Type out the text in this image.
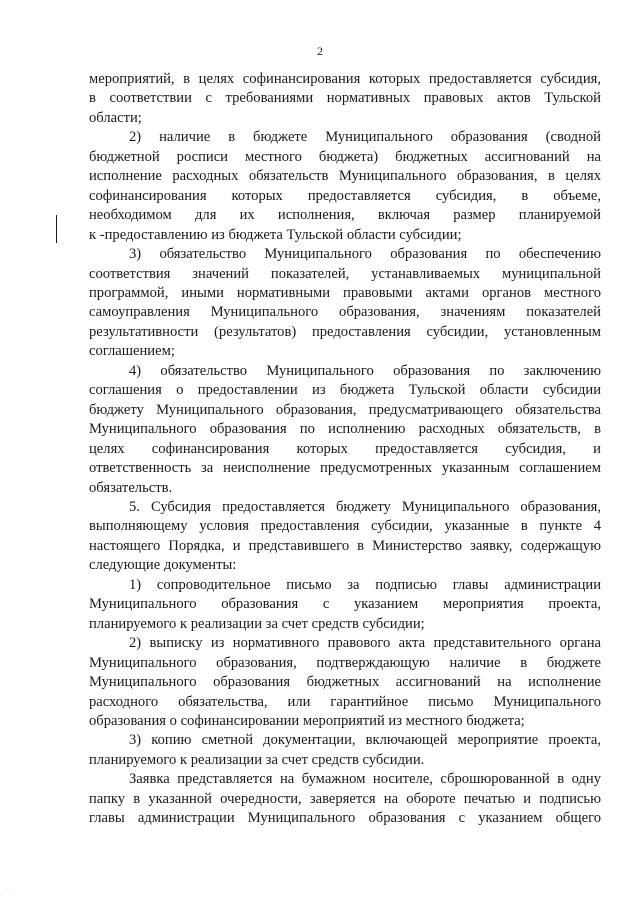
2
мероприятий, в целях софинансирования которых предоставляется субсидия,
в соответствии с требованиями нормативных правовых актов Тульской
области;
2) наличие в бюджете Муниципального образования (сводной
бюджетной росписи местного бюджета) бюджетных ассигнований на
исполнение расходных обязательств Муниципального образования, в целях
софинансирования которых предоставляется субсидия, в объеме,
необходимом для их исполнения, включая размер планируемой
к -предоставлению из бюджета Тульской области субсидии;
3) обязательство Муниципального образования по обеспечению
соответствия значений показателей, устанавливаемых муниципальной
программой, иными нормативными правовыми актами органов местного
самоуправления Муниципального образования, значениям показателей
результативности (результатов) предоставления субсидии, установленным
соглашением;
4) обязательство Муниципального образования по заключению
соглашения о предоставлении из бюджета Тульской области субсидии
бюджету Муниципального образования, предусматривающего обязательства
Муниципального образования по исполнению расходных обязательств, в
целях софинансирования которых предоставляется субсидия, и
ответственность за неисполнение предусмотренных указанным соглашением
обязательств.
5. Субсидия предоставляется бюджету Муниципального образования,
выполняющему условия предоставления субсидии, указанные в пункте 4
настоящего Порядка, и представившего в Министерство заявку, содержащую
следующие документы:
1) сопроводительное письмо за подписью главы администрации
Муниципального образования с указанием мероприятия проекта,
планируемого к реализации за счет средств субсидии;
2) выписку из нормативного правового акта представительного органа
Муниципального образования, подтверждающую наличие в бюджете
Муниципального образования бюджетных ассигнований на исполнение
расходного обязательства, или гарантийное письмо Муниципального
образования о софинансировании мероприятий из местного бюджета;
3) копию сметной документации, включающей мероприятие проекта,
планируемого к реализации за счет средств субсидии.
Заявка представляется на бумажном носителе, сброшюрованной в одну
папку в указанной очередности, заверяется на обороте печатью и подписью
главы администрации Муниципального образования с указанием общего
· ·
